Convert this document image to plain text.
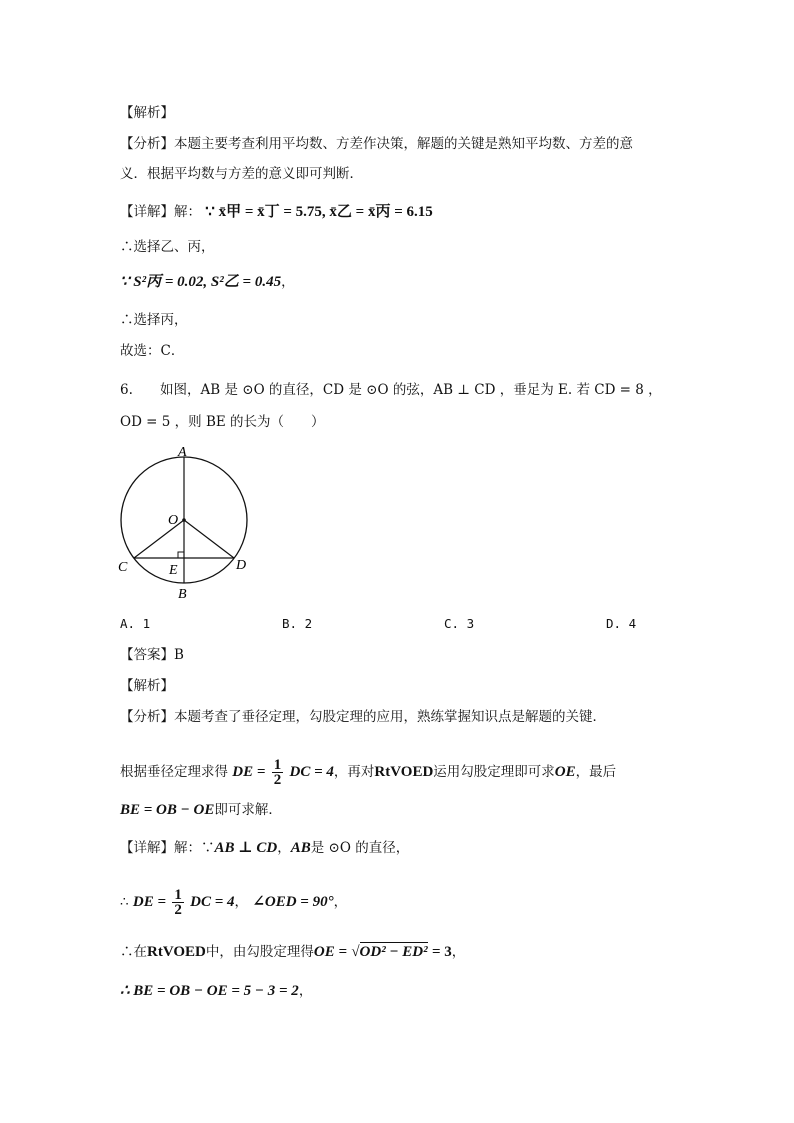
【解析】
【分析】本题主要考查利用平均数、方差作决策，解题的关键是熟知平均数、方差的意
义．根据平均数与方差的意义即可判断．
【详解】解： ∵ x̄甲 = x̄丁 = 5.75, x̄乙 = x̄丙 = 6.15
∴选择乙、丙，
∵ S²丙 = 0.02, S²乙 = 0.45，
∴选择丙，
故选：C．
6. 如图，AB 是 ⊙O 的直径，CD 是 ⊙O 的弦，AB ⊥ CD ，垂足为 E. 若 CD = 8 ，
OD = 5 ，则 BE 的长为（　　）
A
O
C	D
E
B
A. 1	B. 2	C. 3	D. 4
【答案】B
【解析】
【分析】本题考查了垂径定理，勾股定理的应用，熟练掌握知识点是解题的关键．
根据垂径定理求得 DE = $\frac{1}{2}$ DC = 4，再对RtVOED运用勾股定理即可求OE，最后
BE = OB − OE即可求解．
【详解】解：∵AB ⊥ CD，AB是 ⊙O 的直径，
∴ DE = $\frac{1}{2}$ DC = 4， ∠OED = 90°，
∴在RtVOED中，由勾股定理得OE = √OD² − ED² = 3，
∴ BE = OB − OE = 5 − 3 = 2，
